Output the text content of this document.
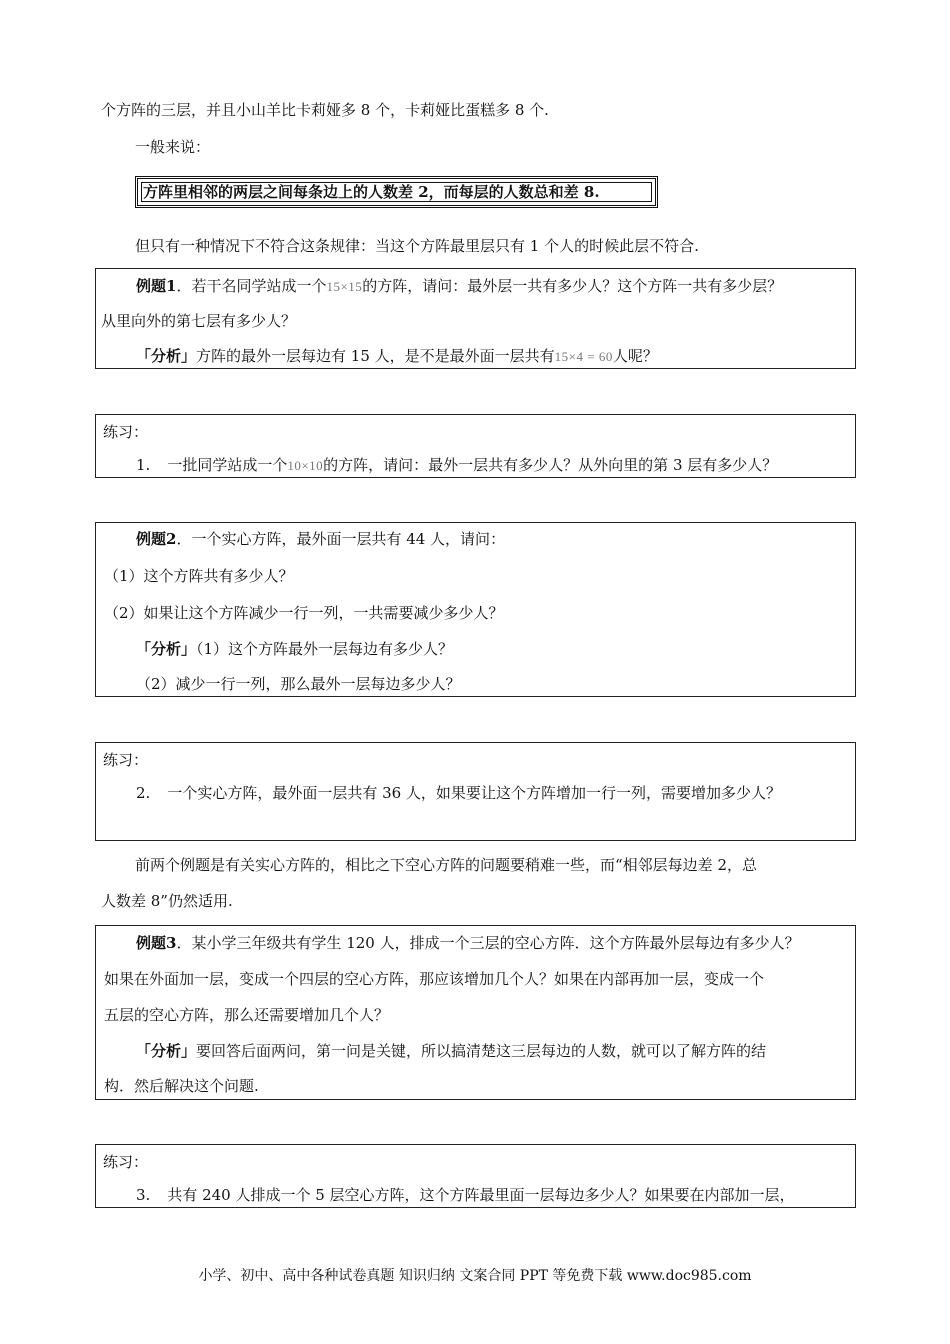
个方阵的三层，并且小山羊比卡莉娅多 8 个，卡莉娅比蛋糕多 8 个.
一般来说：
方阵里相邻的两层之间每条边上的人数差 2，而每层的人数总和差 8.
但只有一种情况下不符合这条规律：当这个方阵最里层只有 1 个人的时候此层不符合.
例题1．若干名同学站成一个15×15的方阵，请问：最外层一共有多少人？这个方阵一共有多少层？
从里向外的第七层有多少人？
「分析」方阵的最外一层每边有 15 人，是不是最外面一层共有15×4 = 60人呢？
练习：
1. 一批同学站成一个10×10的方阵，请问：最外一层共有多少人？从外向里的第 3 层有多少人？
例题2．一个实心方阵，最外面一层共有 44 人，请问：
（1）这个方阵共有多少人？
（2）如果让这个方阵减少一行一列，一共需要减少多少人？
「分析」（1）这个方阵最外一层每边有多少人？
（2）减少一行一列，那么最外一层每边多少人？
练习：
2. 一个实心方阵，最外面一层共有 36 人，如果要让这个方阵增加一行一列，需要增加多少人？
前两个例题是有关实心方阵的，相比之下空心方阵的问题要稍难一些，而“相邻层每边差 2，总
人数差 8”仍然适用.
例题3．某小学三年级共有学生 120 人，排成一个三层的空心方阵．这个方阵最外层每边有多少人？
如果在外面加一层，变成一个四层的空心方阵，那应该增加几个人？如果在内部再加一层，变成一个
五层的空心方阵，那么还需要增加几个人？
「分析」要回答后面两问，第一问是关键，所以搞清楚这三层每边的人数，就可以了解方阵的结
构．然后解决这个问题.
练习：
3. 共有 240 人排成一个 5 层空心方阵，这个方阵最里面一层每边多少人？如果要在内部加一层，
小学、初中、高中各种试卷真题 知识归纳 文案合同 PPT 等免费下载 www.doc985.com
